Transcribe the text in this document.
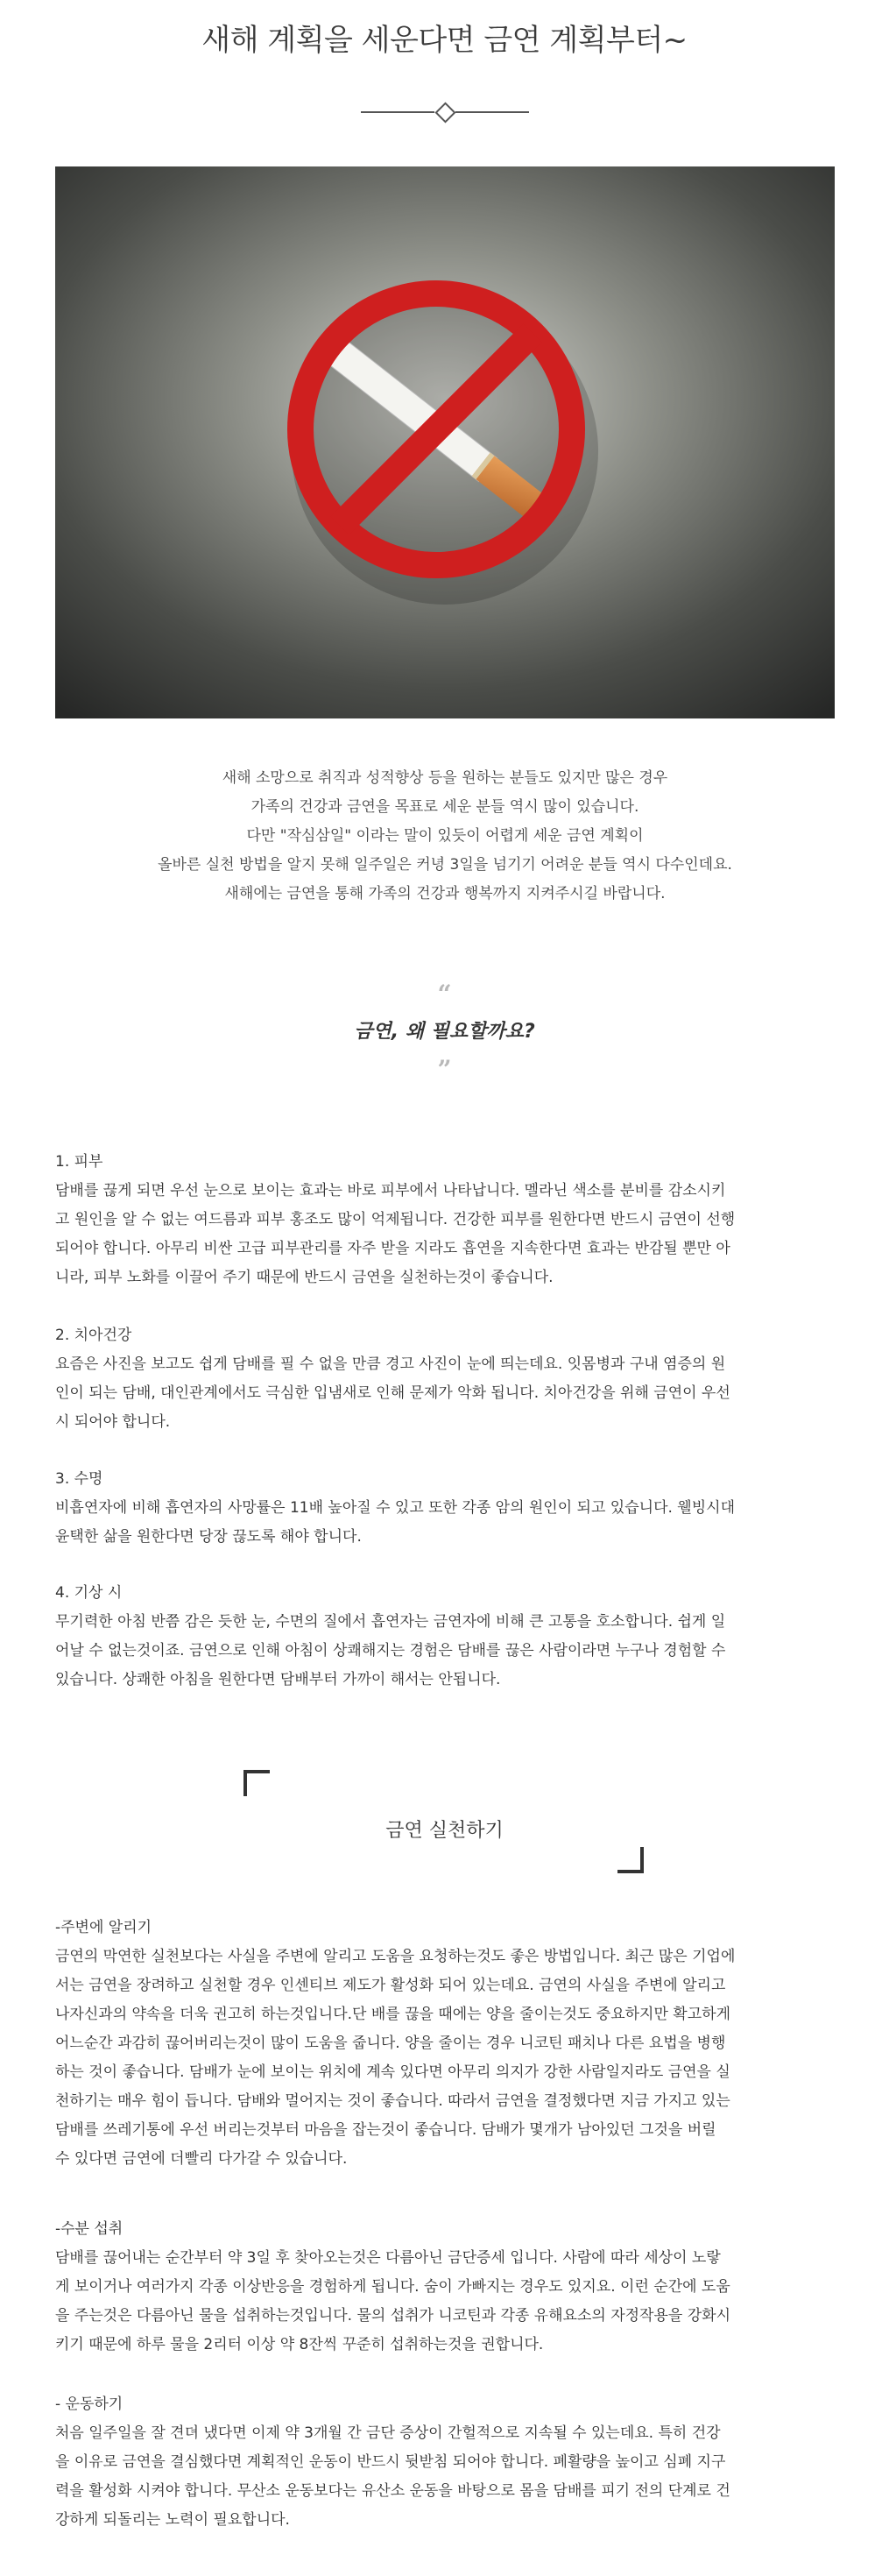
새해 계획을 세운다면 금연 계획부터~

새해 소망으로 취직과 성적향상 등을 원하는 분들도 있지만 많은 경우

가족의 건강과 금연을 목표로 세운 분들 역시 많이 있습니다.

다만 "작심삼일" 이라는 말이 있듯이 어렵게 세운 금연 계획이

올바른 실천 방법을 알지 못해 일주일은 커녕 3일을 넘기기 어려운 분들 역시 다수인데요.

새해에는 금연을 통해 가족의 건강과 행복까지 지켜주시길 바랍니다.

“
금연, 왜 필요할까요?
”

1. 피부

담배를 끊게 되면 우선 눈으로 보이는 효과는 바로 피부에서 나타납니다. 멜라닌 색소를 분비를 감소시키

고 원인을 알 수 없는 여드름과 피부 홍조도 많이 억제됩니다. 건강한 피부를 원한다면 반드시 금연이 선행

되어야 합니다. 아무리 비싼 고급 피부관리를 자주 받을 지라도 흡연을 지속한다면 효과는 반감될 뿐만 아

니라, 피부 노화를 이끌어 주기 때문에 반드시 금연을 실천하는것이 좋습니다.

2. 치아건강

요즘은 사진을 보고도 쉽게 담배를 필 수 없을 만큼 경고 사진이 눈에 띄는데요. 잇몸병과 구내 염증의 원

인이 되는 담배, 대인관계에서도 극심한 입냄새로 인해 문제가 악화 됩니다. 치아건강을 위해 금연이 우선

시 되어야 합니다.

3. 수명

비흡연자에 비해 흡연자의 사망률은 11배 높아질 수 있고 또한 각종 암의 원인이 되고 있습니다. 웰빙시대

윤택한 삶을 원한다면 당장 끊도록 해야 합니다.

4. 기상 시

무기력한 아침 반쯤 감은 듯한 눈, 수면의 질에서 흡연자는 금연자에 비해 큰 고통을 호소합니다. 쉽게 일

어날 수 없는것이죠. 금연으로 인해 아침이 상쾌해지는 경험은 담배를 끊은 사람이라면 누구나 경험할 수

있습니다. 상쾌한 아침을 원한다면 담배부터 가까이 해서는 안됩니다.

금연 실천하기

-주변에 알리기

금연의 막연한 실천보다는 사실을 주변에 알리고 도움을 요청하는것도 좋은 방법입니다. 최근 많은 기업에

서는 금연을 장려하고 실천할 경우 인센티브 제도가 활성화 되어 있는데요. 금연의 사실을 주변에 알리고

나자신과의 약속을 더욱 권고히 하는것입니다.단 배를 끊을 때에는 양을 줄이는것도 중요하지만 확고하게

어느순간 과감히 끊어버리는것이 많이 도움을 줍니다. 양을 줄이는 경우 니코틴 패치나 다른 요법을 병행

하는 것이 좋습니다. 담배가 눈에 보이는 위치에 계속 있다면 아무리 의지가 강한 사람일지라도 금연을 실

천하기는 매우 힘이 듭니다. 담배와 멀어지는 것이 좋습니다. 따라서 금연을 결정했다면 지금 가지고 있는

담배를 쓰레기통에 우선 버리는것부터 마음을 잡는것이 좋습니다. 담배가 몇개가 남아있던 그것을 버릴

수 있다면 금연에 더빨리 다가갈 수 있습니다.

-수분 섭취

담배를 끊어내는 순간부터 약 3일 후 찾아오는것은 다름아닌 금단증세 입니다. 사람에 따라 세상이 노랗

게 보이거나 여러가지 각종 이상반응을 경험하게 됩니다. 숨이 가빠지는 경우도 있지요. 이런 순간에 도움

을 주는것은 다름아닌 물을 섭취하는것입니다. 물의 섭취가 니코틴과 각종 유해요소의 자정작용을 강화시

키기 때문에 하루 물을 2리터 이상 약 8잔씩 꾸준히 섭취하는것을 권합니다.

- 운동하기

처음 일주일을 잘 견뎌 냈다면 이제 약 3개월 간 금단 증상이 간헐적으로 지속될 수 있는데요. 특히 건강

을 이유로 금연을 결심했다면 계획적인 운동이 반드시 뒷받침 되어야 합니다. 폐활량을 높이고 심폐 지구

력을 활성화 시켜야 합니다. 무산소 운동보다는 유산소 운동을 바탕으로 몸을 담배를 피기 전의 단계로 건

강하게 되돌리는 노력이 필요합니다.
